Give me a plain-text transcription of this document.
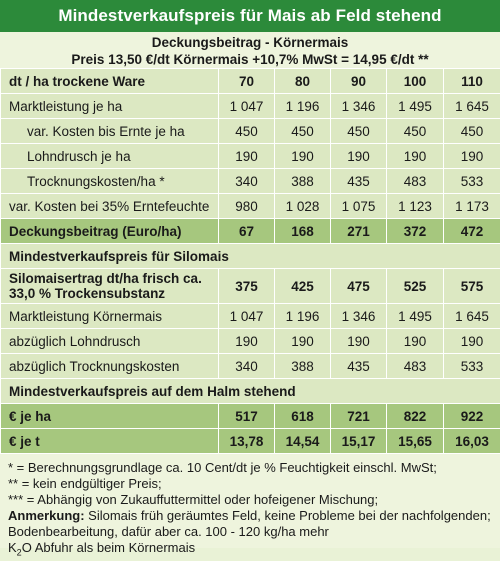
Mindestverkaufspreis für Mais ab Feld stehend
Deckungsbeitrag - Körnermais
Preis 13,50 €/dt Körnermais +10,7% MwSt = 14,95 €/dt **
dt / ha trockene Ware	70	80	90	100	110
Marktleistung je ha	1 047	1 196	1 346	1 495	1 645
var. Kosten bis Ernte je ha	450	450	450	450	450
Lohndrusch je ha	190	190	190	190	190
Trocknungskosten/ha *	340	388	435	483	533
var. Kosten bei 35% Erntefeuchte	980	1 028	1 075	1 123	1 173
Deckungsbeitrag (Euro/ha)	67	168	271	372	472
Mindestverkaufspreis für Silomais					
Silomaisertrag dt/ha frisch ca. 33,0 % Trockensubstanz	375	425	475	525	575
Marktleistung Körnermais	1 047	1 196	1 346	1 495	1 645
abzüglich Lohndrusch	190	190	190	190	190
abzüglich Trocknungskosten	340	388	435	483	533
Mindestverkaufspreis auf dem Halm stehend					
€ je ha	517	618	721	822	922
€ je t	13,78	14,54	15,17	15,65	16,03
* = Berechnungsgrundlage ca. 10 Cent/dt je % Feuchtigkeit einschl. MwSt;
** = kein endgültiger Preis;
*** = Abhängig von Zukauffuttermittel oder hofeigener Mischung;
Anmerkung: Silomais früh geräumtes Feld, keine Probleme bei der nachfolgenden; Bodenbearbeitung, dafür aber ca. 100 - 120 kg/ha mehr
$K_2O$ Abfuhr als beim Körnermais
